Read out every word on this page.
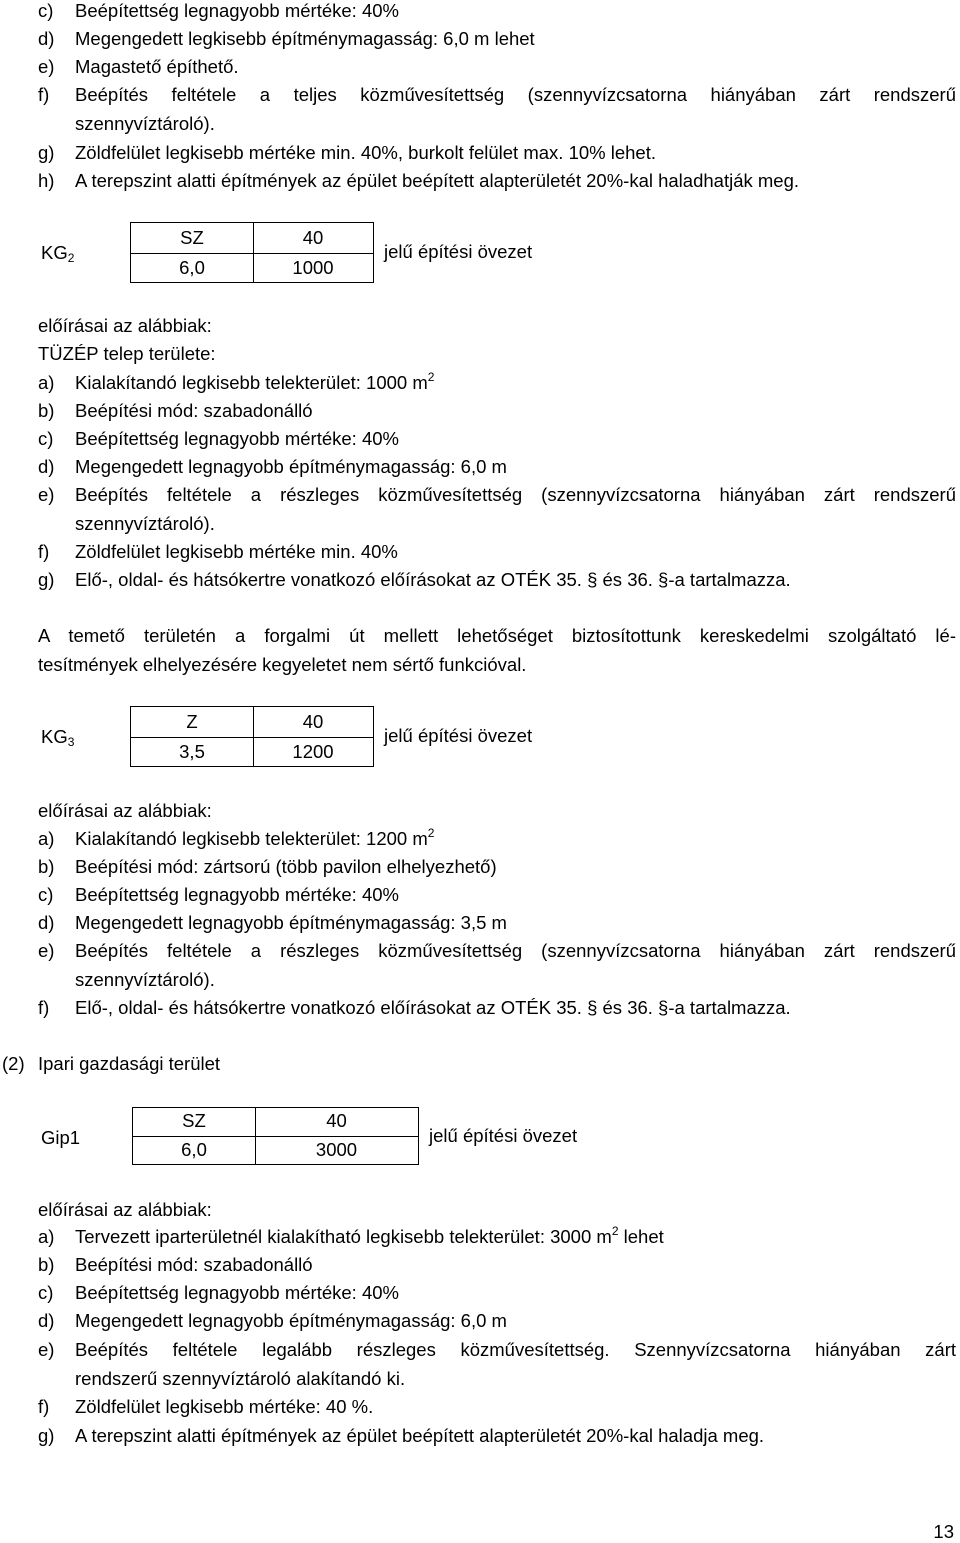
c)	Beépítettség legnagyobb mértéke: 40%
d)	Megengedett legkisebb építménymagasság: 6,0 m lehet
e)	Magastető építhető.
f)	Beépítés feltétele a teljes közművesítettség (szennyvízcsatorna hiányában zárt rendszerű
szennyvíztároló).
g)	Zöldfelület legkisebb mértéke min. 40%, burkolt felület max. 10% lehet.
h)	A terepszint alatti építmények az épület beépített alapterületét 20%-kal haladhatják meg.
$KG_2$
SZ	40
6,0	1000
jelű építési övezet
előírásai az alábbiak:
TÜZÉP telep területe:
a)	Kialakítandó legkisebb telekterület: 1000 $m^2$
b)	Beépítési mód: szabadonálló
c)	Beépítettség legnagyobb mértéke: 40%
d)	Megengedett legnagyobb építménymagasság: 6,0 m
e)	Beépítés feltétele a részleges közművesítettség (szennyvízcsatorna hiányában zárt rendszerű
szennyvíztároló).
f)	Zöldfelület legkisebb mértéke min. 40%
g)	Elő-, oldal- és hátsókertre vonatkozó előírásokat az OTÉK 35. § és 36. §-a tartalmazza.
A temető területén a forgalmi út mellett lehetőséget biztosítottunk kereskedelmi szolgáltató lé-
tesítmények elhelyezésére kegyeletet nem sértő funkcióval.
$KG_3$
Z	40
3,5	1200
jelű építési övezet
előírásai az alábbiak:
a)	Kialakítandó legkisebb telekterület: 1200 $m^2$
b)	Beépítési mód: zártsorú (több pavilon elhelyezhető)
c)	Beépítettség legnagyobb mértéke: 40%
d)	Megengedett legnagyobb építménymagasság: 3,5 m
e)	Beépítés feltétele a részleges közművesítettség (szennyvízcsatorna hiányában zárt rendszerű
szennyvíztároló).
f)	Elő-, oldal- és hátsókertre vonatkozó előírásokat az OTÉK 35. § és 36. §-a tartalmazza.
(2) Ipari gazdasági terület
Gip1
SZ	40
6,0	3000
jelű építési övezet
előírásai az alábbiak:
a)	Tervezett iparterületnél kialakítható legkisebb telekterület: 3000 $m^2$ lehet
b)	Beépítési mód: szabadonálló
c)	Beépítettség legnagyobb mértéke: 40%
d)	Megengedett legnagyobb építménymagasság: 6,0 m
e)	Beépítés feltétele legalább részleges közművesítettség. Szennyvízcsatorna hiányában zárt
rendszerű szennyvíztároló alakítandó ki.
f)	Zöldfelület legkisebb mértéke: 40 %.
g)	A terepszint alatti építmények az épület beépített alapterületét 20%-kal haladja meg.
13
